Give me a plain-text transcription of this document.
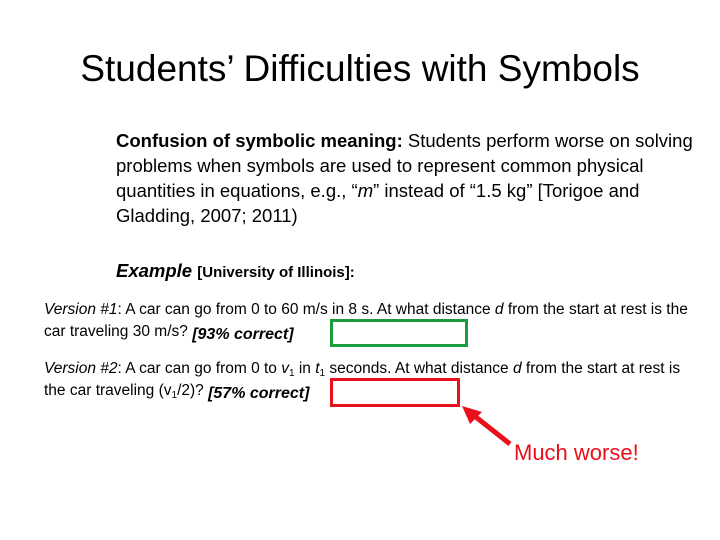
Students’ Difficulties with Symbols
Confusion of symbolic meaning: Students perform worse on solving problems when symbols are used to represent common physical quantities in equations, e.g., “m” instead of “1.5 kg” [Torigoe and Gladding, 2007; 2011)
Example [University of Illinois]:
Version #1: A car can go from 0 to 60 m/s in 8 s. At what distance d from the start at rest is the car traveling 30 m/s? [93% correct]
Version #2: A car can go from 0 to $v_1$ in $t_1$ seconds. At what distance d from the start at rest is the car traveling $(v_1/2)$? [57% correct]
Much worse!
